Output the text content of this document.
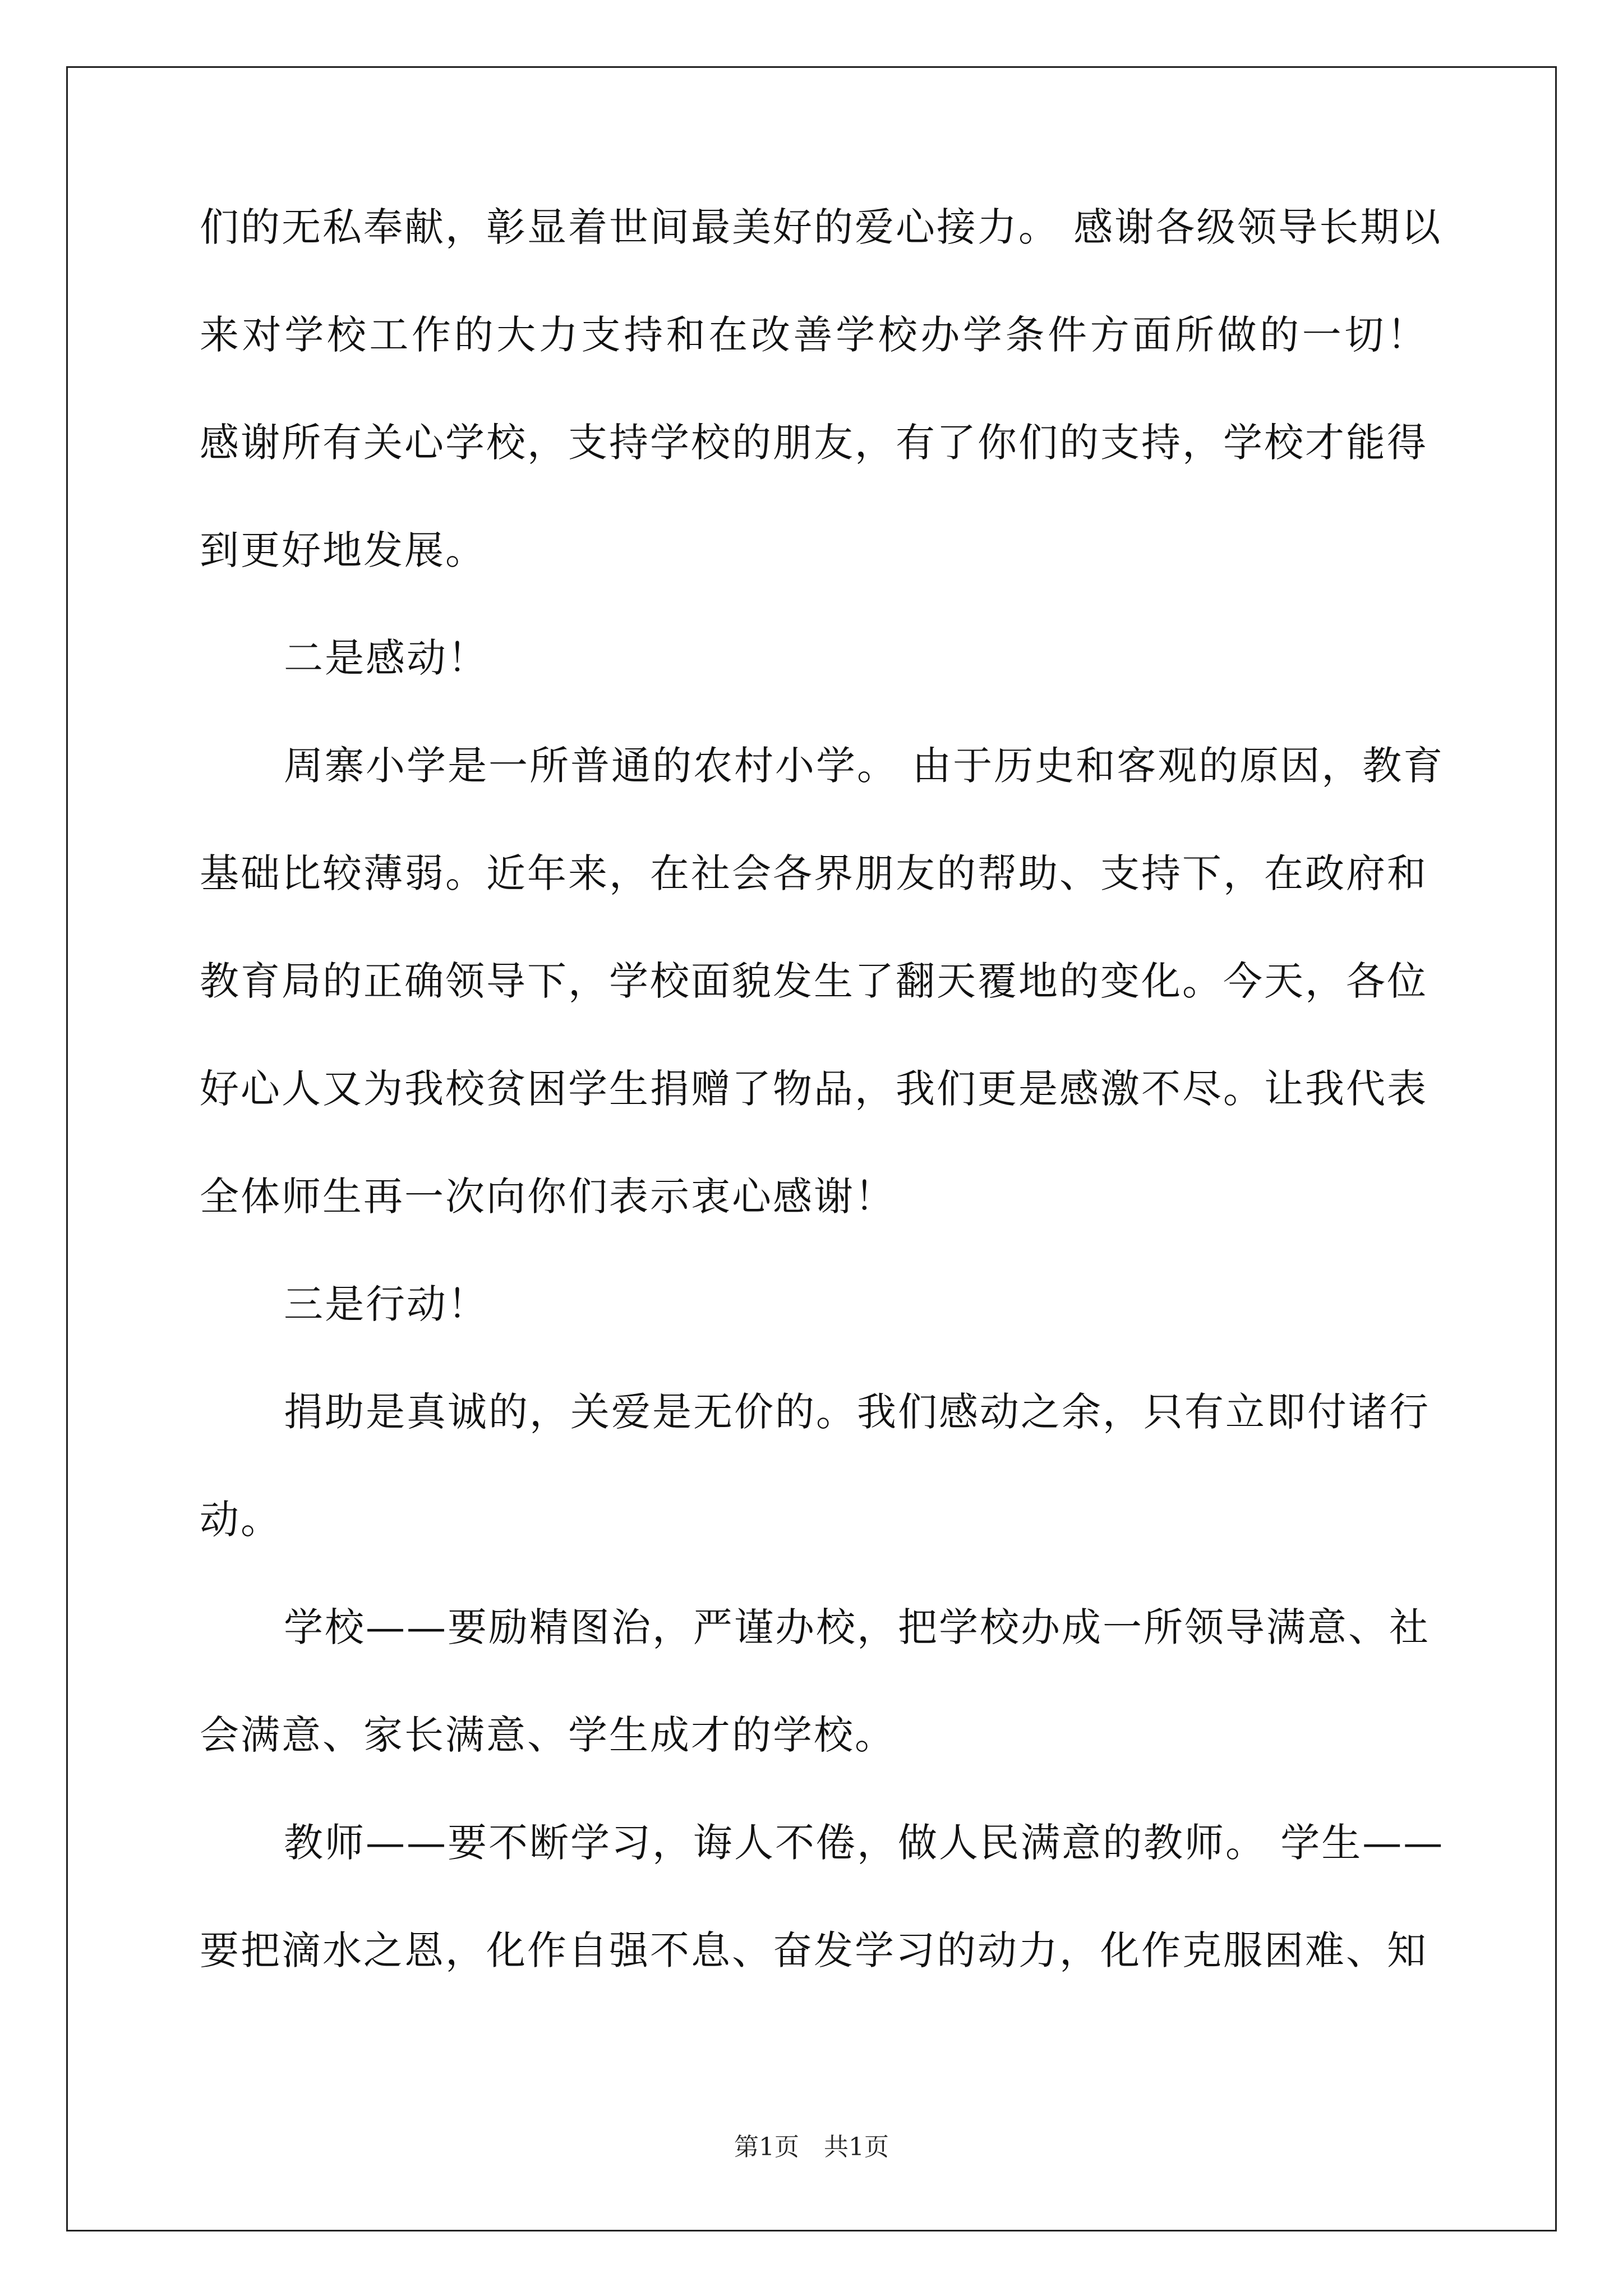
们的无私奉献，彰显着世间最美好的爱心接力。 感谢各级领导长期以
来对学校工作的大力支持和在改善学校办学条件方面所做的一切！
感谢所有关心学校，支持学校的朋友，有了你们的支持，学校才能得
到更好地发展。
二是感动！
周寨小学是一所普通的农村小学。 由于历史和客观的原因，教育
基础比较薄弱。近年来，在社会各界朋友的帮助、支持下，在政府和
教育局的正确领导下，学校面貌发生了翻天覆地的变化。今天，各位
好心人又为我校贫困学生捐赠了物品，我们更是感激不尽。让我代表
全体师生再一次向你们表示衷心感谢！
三是行动！
捐助是真诚的，关爱是无价的。我们感动之余，只有立即付诸行
动。
学校——要励精图治，严谨办校，把学校办成一所领导满意、社
会满意、家长满意、学生成才的学校。
教师——要不断学习，诲人不倦，做人民满意的教师。 学生——
要把滴水之恩，化作自强不息、奋发学习的动力，化作克服困难、知
第1页　共1页
